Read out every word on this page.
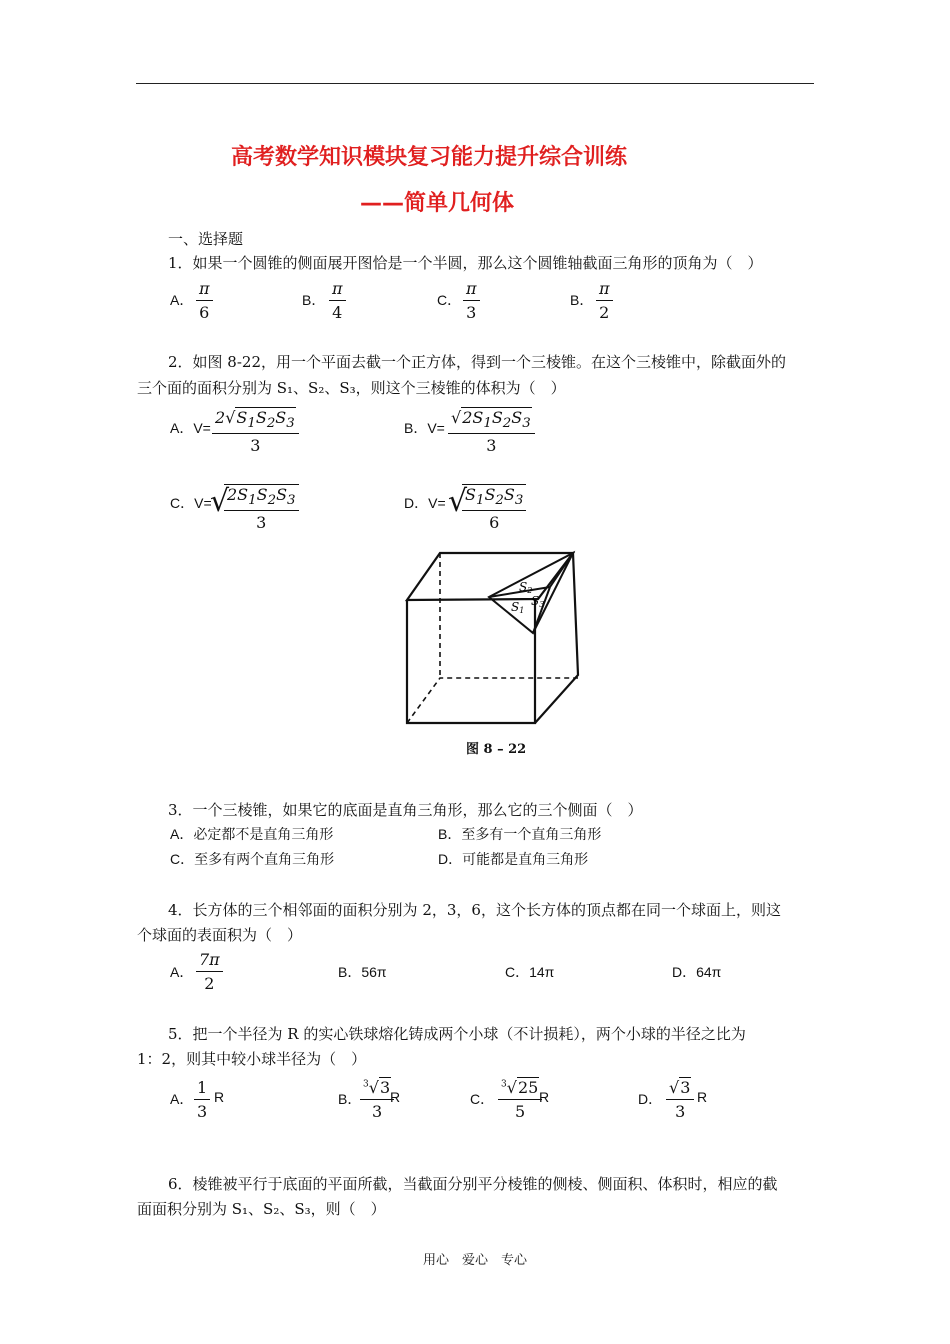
高考数学知识模块复习能力提升综合训练
——简单几何体
一、选择题
1．如果一个圆锥的侧面展开图恰是一个半圆，那么这个圆锥轴截面三角形的顶角为（　）
A． $\frac{\pi}{6}$	B． $\frac{\pi}{4}$	C． $\frac{\pi}{3}$	B． $\frac{\pi}{2}$
2．如图 8-22，用一个平面去截一个正方体，得到一个三棱锥。在这个三棱锥中，除截面外的
三个面的面积分别为 S₁、S₂、S₃，则这个三棱锥的体积为（　）
A．$V= \frac{2√S_1S_2S_3}{3}$	B．$V= \frac{√2S_1S_2S_3}{3}$
C．V=
√
$\frac{2S_1S_2S_3}{3}$	D．V= √
$\frac{S_1S_2S_3}{6}$
S2
S1
S3
图 8 – 22
3．一个三棱锥，如果它的底面是直角三角形，那么它的三个侧面（　）
A．必定都不是直角三角形	B．至多有一个直角三角形
C．至多有两个直角三角形	D．可能都是直角三角形
4．长方体的三个相邻面的面积分别为 2，3，6，这个长方体的顶点都在同一个球面上，则这
个球面的表面积为（　）
A． $\frac{7\pi}{2}$	B．56π	C．14π	D．64π
5．把一个半径为 R 的实心铁球熔化铸成两个小球（不计损耗），两个小球的半径之比为
1：2，则其中较小球半径为（　）
A． $\frac{1}{3}$ R	B．
$\frac{^3√3}{3}$
R	C． $\frac{^3√25}{5}$
R	D． $\frac{√3}{3}$ R
6．棱锥被平行于底面的平面所截，当截面分别平分棱锥的侧棱、侧面积、体积时，相应的截
面面积分别为 S₁、S₂、S₃，则（　）
用心　爱心　专心
